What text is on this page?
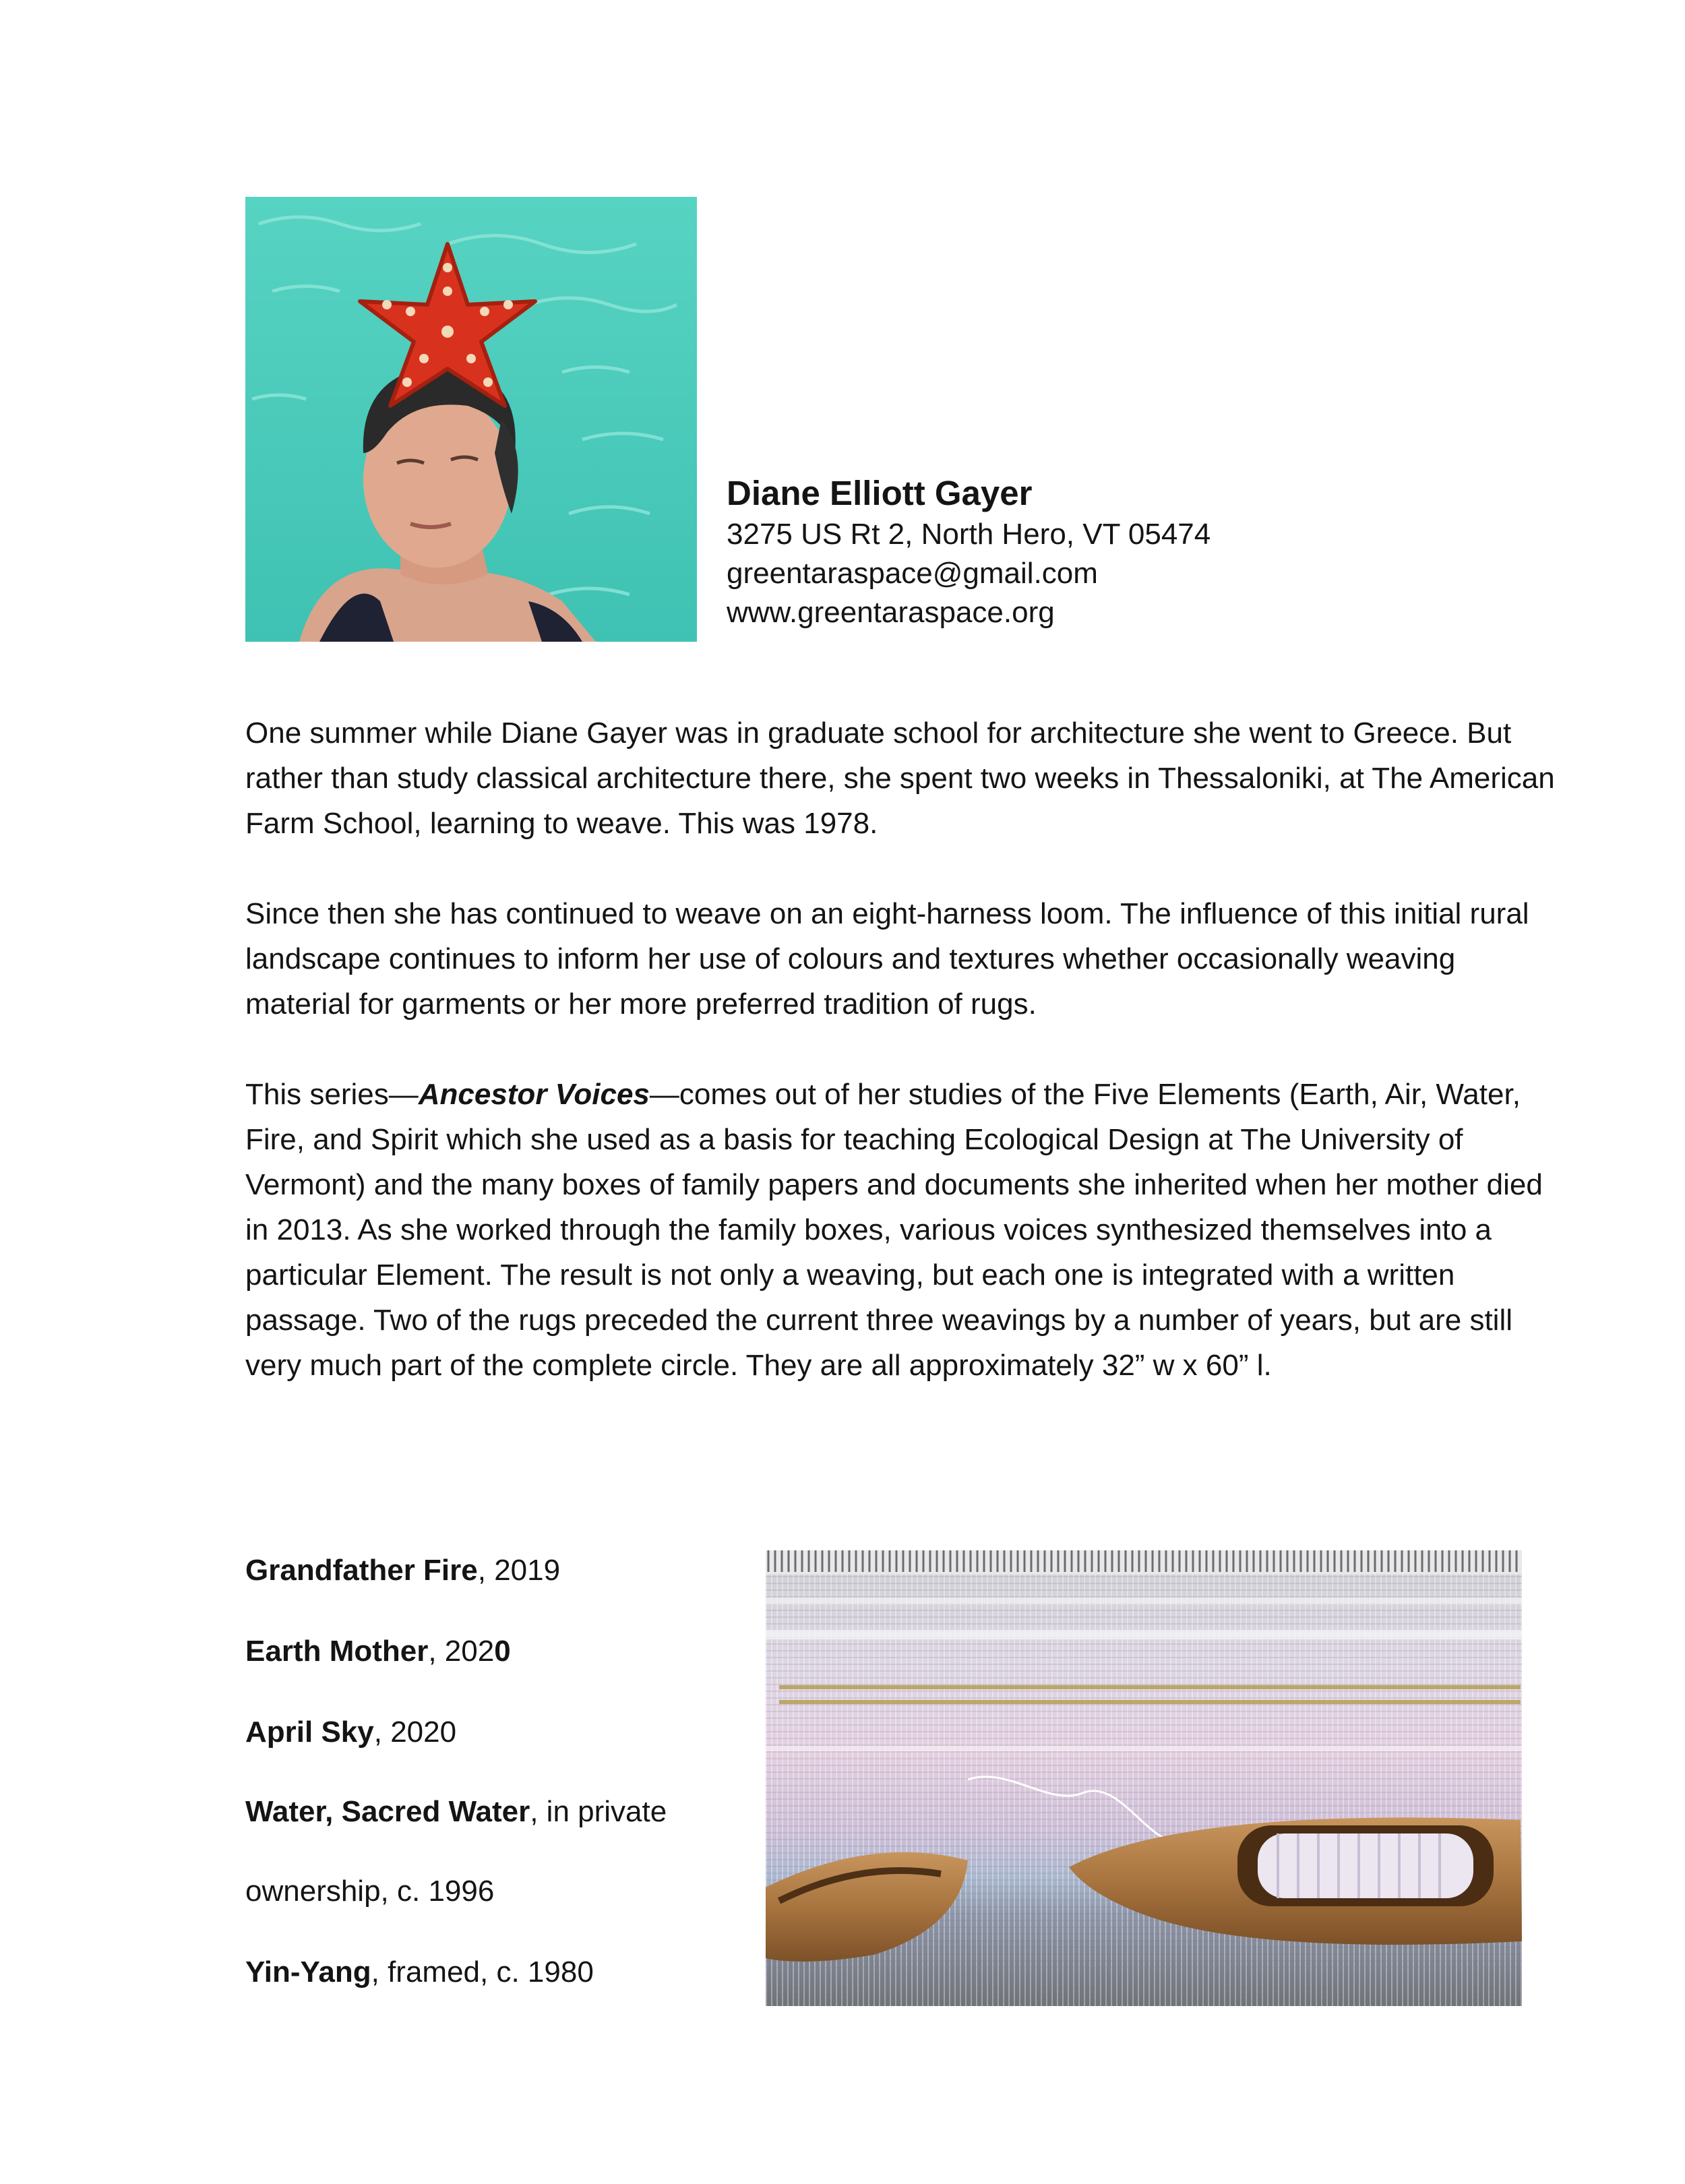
Diane Elliott Gayer
3275 US Rt 2, North Hero, VT 05474
greentaraspace@gmail.com
www.greentaraspace.org

One summer while Diane Gayer was in graduate school for architecture she went to Greece. But rather than study classical architecture there, she spent two weeks in Thessaloniki, at The American Farm School, learning to weave. This was 1978.

Since then she has continued to weave on an eight-harness loom. The influence of this initial rural landscape continues to inform her use of colours and textures whether occasionally weaving material for garments or her more preferred tradition of rugs.

This series—Ancestor Voices—comes out of her studies of the Five Elements (Earth, Air, Water, Fire, and Spirit which she used as a basis for teaching Ecological Design at The University of Vermont) and the many boxes of family papers and documents she inherited when her mother died in 2013. As she worked through the family boxes, various voices synthesized themselves into a particular Element. The result is not only a weaving, but each one is integrated with a written passage. Two of the rugs preceded the current three weavings by a number of years, but are still very much part of the complete circle. They are all approximately 32” w x 60” l.

Grandfather Fire, 2019
Earth Mother, 2020
April Sky, 2020
Water, Sacred Water, in private
ownership, c. 1996
Yin-Yang, framed, c. 1980
